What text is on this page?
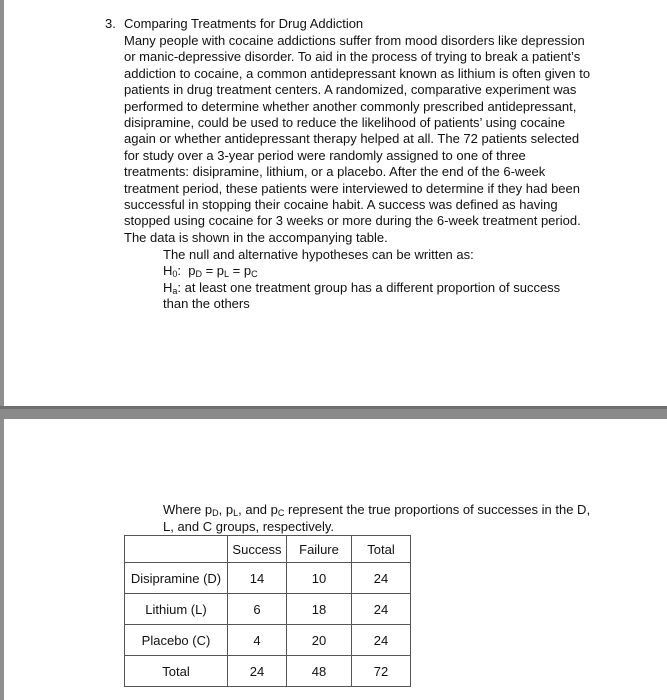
3. Comparing Treatments for Drug Addiction

Many people with cocaine addictions suffer from mood disorders like depression
or manic-depressive disorder. To aid in the process of trying to break a patient’s
addiction to cocaine, a common antidepressant known as lithium is often given to
patients in drug treatment centers. A randomized, comparative experiment was
performed to determine whether another commonly prescribed antidepressant,
disipramine, could be used to reduce the likelihood of patients’ using cocaine
again or whether antidepressant therapy helped at all. The 72 patients selected
for study over a 3-year period were randomly assigned to one of three
treatments: disipramine, lithium, or a placebo. After the end of the 6-week
treatment period, these patients were interviewed to determine if they had been
successful in stopping their cocaine habit. A success was defined as having
stopped using cocaine for 3 weeks or more during the 6-week treatment period.
The data is shown in the accompanying table.

The null and alternative hypotheses can be written as:
$H_0$:  $p_D = p_L = p_C$
$H_a$: at least one treatment group has a different proportion of success
than the others
Where $p_D$, $p_L$, and $p_C$ represent the true proportions of successes in the D,
L, and C groups, respectively.
	Success	Failure	Total
Disipramine (D)	14	10	24
Lithium (L)	6	18	24
Placebo (C)	4	20	24
Total	24	48	72
